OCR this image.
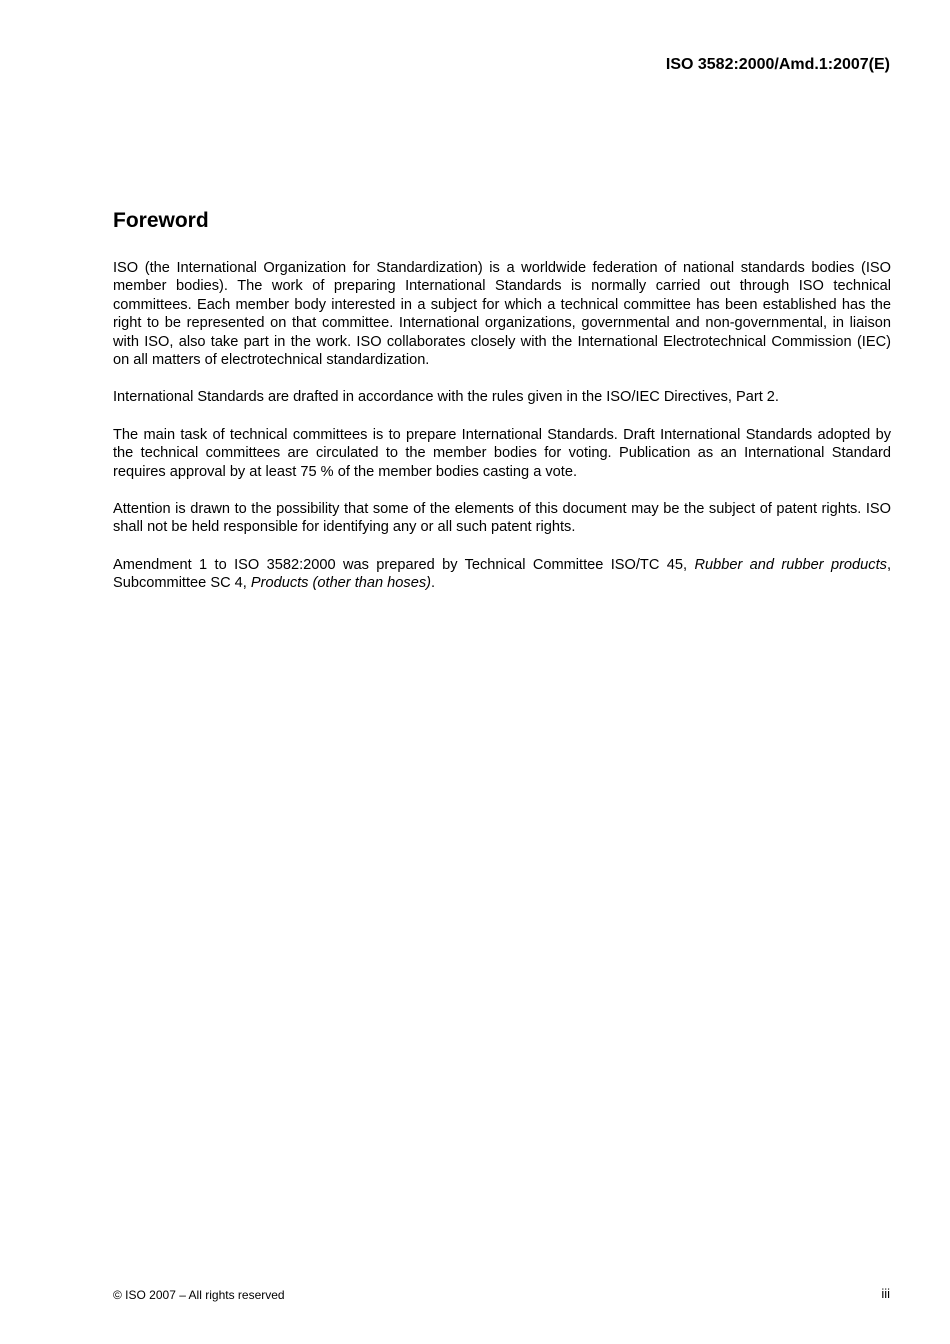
ISO 3582:2000/Amd.1:2007(E)
Foreword

ISO (the International Organization for Standardization) is a worldwide federation of national standards bodies (ISO member bodies). The work of preparing International Standards is normally carried out through ISO technical committees. Each member body interested in a subject for which a technical committee has been established has the right to be represented on that committee. International organizations, governmental and non-governmental, in liaison with ISO, also take part in the work. ISO collaborates closely with the International Electrotechnical Commission (IEC) on all matters of electrotechnical standardization.

International Standards are drafted in accordance with the rules given in the ISO/IEC Directives, Part 2.

The main task of technical committees is to prepare International Standards. Draft International Standards adopted by the technical committees are circulated to the member bodies for voting. Publication as an International Standard requires approval by at least 75 % of the member bodies casting a vote.

Attention is drawn to the possibility that some of the elements of this document may be the subject of patent rights. ISO shall not be held responsible for identifying any or all such patent rights.

Amendment 1 to ISO 3582:2000 was prepared by Technical Committee ISO/TC 45, Rubber and rubber products, Subcommittee SC 4, Products (other than hoses).

© ISO 2007 – All rights reserved	iii
